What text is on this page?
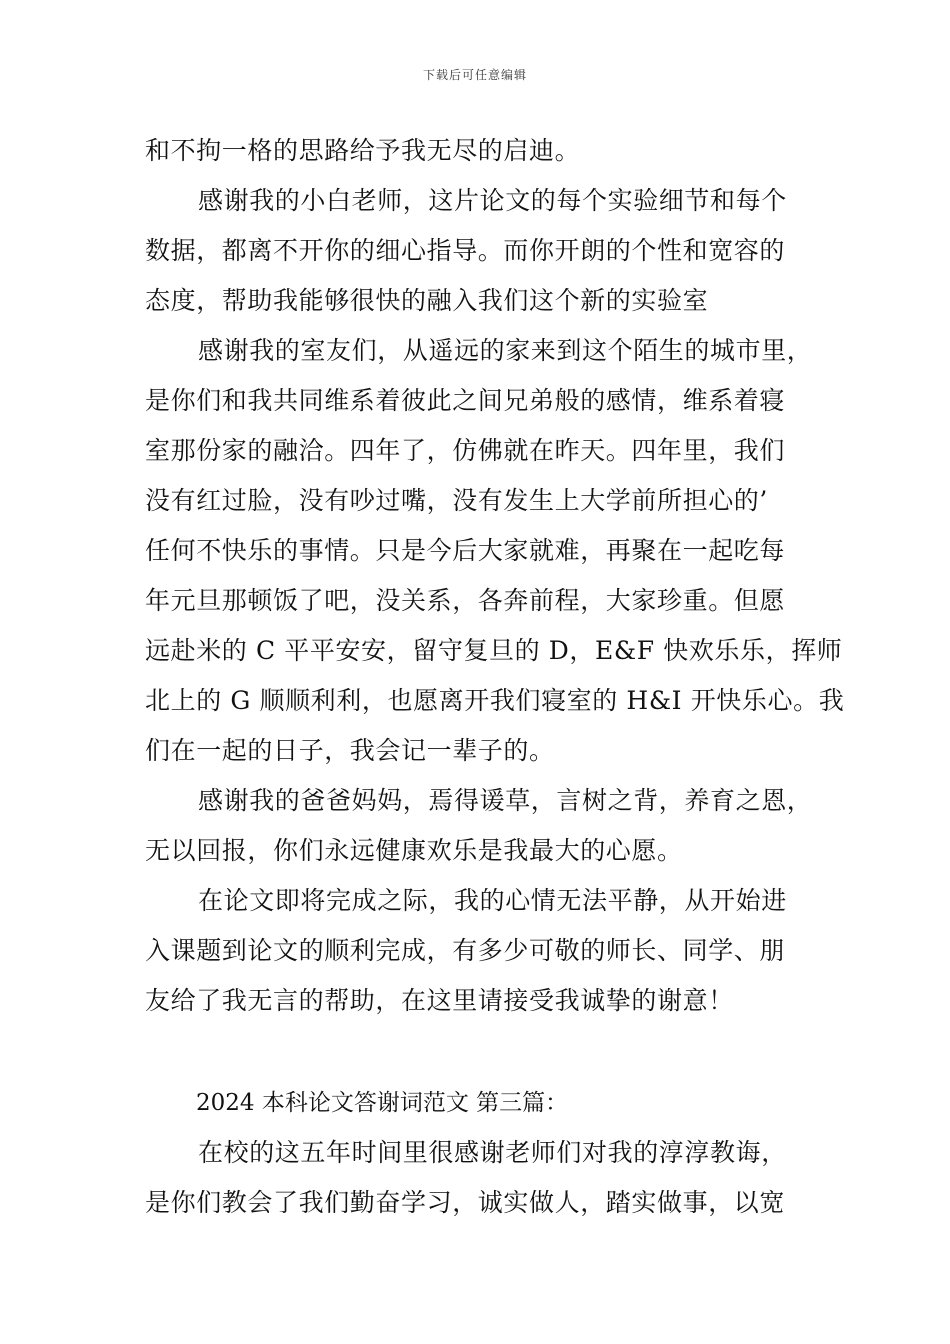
下载后可任意编辑
和不拘一格的思路给予我无尽的启迪。
感谢我的小白老师，这片论文的每个实验细节和每个
数据，都离不开你的细心指导。而你开朗的个性和宽容的
态度，帮助我能够很快的融入我们这个新的实验室
感谢我的室友们，从遥远的家来到这个陌生的城市里，
是你们和我共同维系着彼此之间兄弟般的感情，维系着寝
室那份家的融洽。四年了，仿佛就在昨天。四年里，我们
没有红过脸，没有吵过嘴，没有发生上大学前所担心的’
任何不快乐的事情。只是今后大家就难，再聚在一起吃每
年元旦那顿饭了吧，没关系，各奔前程，大家珍重。但愿
远赴米的 C 平平安安，留守复旦的 D，E&F 快欢乐乐，挥师
北上的 G 顺顺利利，也愿离开我们寝室的 H&I 开快乐心。我
们在一起的日子，我会记一辈子的。
感谢我的爸爸妈妈，焉得谖草，言树之背，养育之恩，
无以回报，你们永远健康欢乐是我最大的心愿。
在论文即将完成之际，我的心情无法平静，从开始进
入课题到论文的顺利完成，有多少可敬的师长、同学、朋
友给了我无言的帮助，在这里请接受我诚挚的谢意！
2024 本科论文答谢词范文 第三篇：
在校的这五年时间里很感谢老师们对我的淳淳教诲，
是你们教会了我们勤奋学习，诚实做人，踏实做事，以宽
